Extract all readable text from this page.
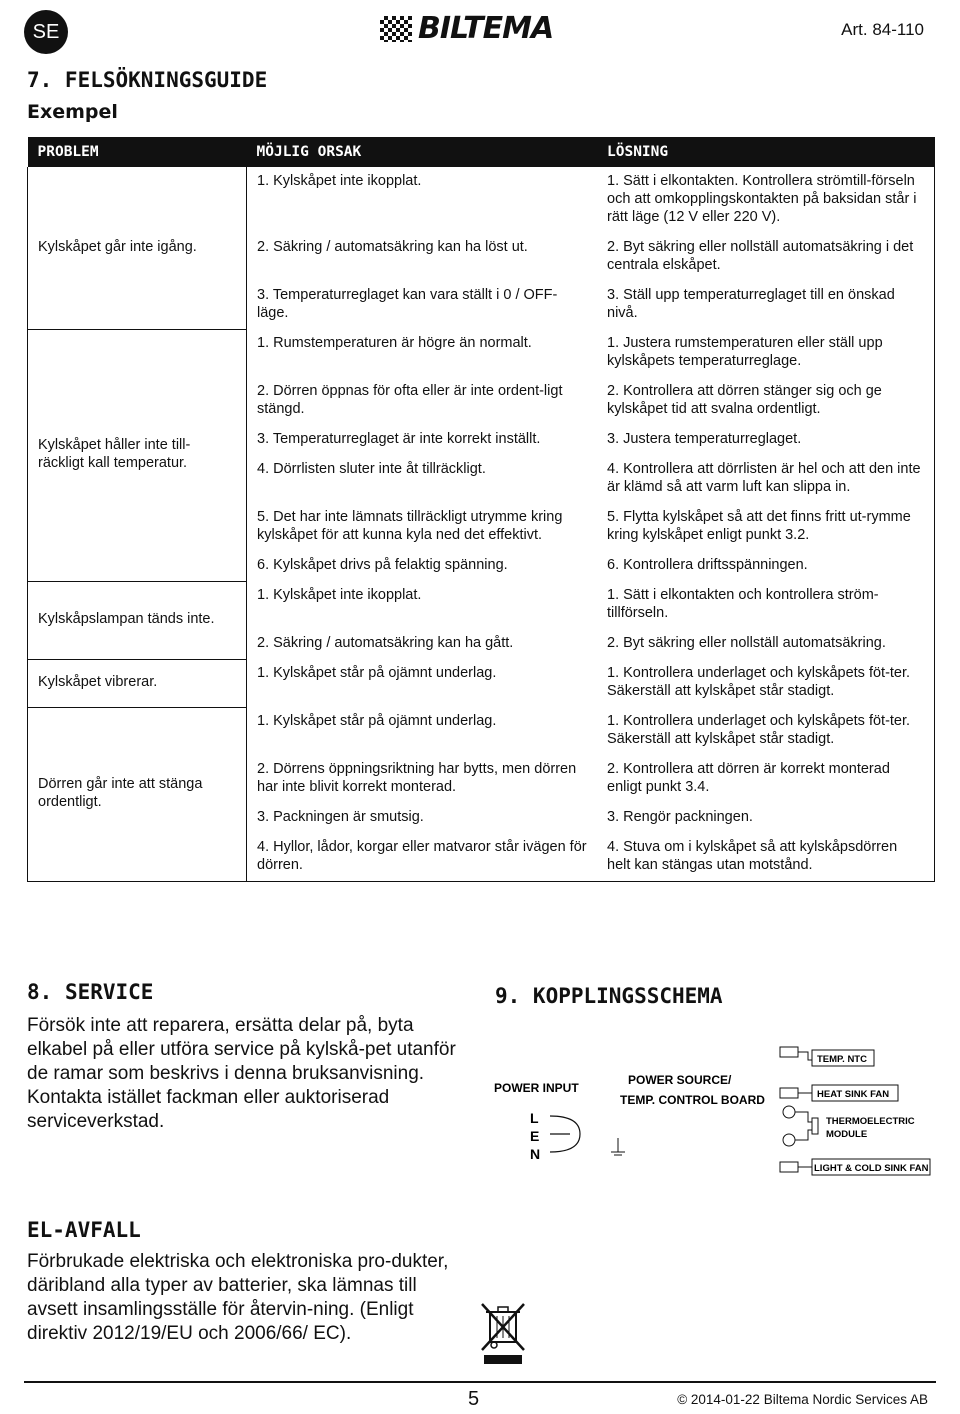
SE	BILTEMA	Art. 84-110
7. FELSÖKNINGSGUIDE
Exempel
PROBLEM	MÖJLIG ORSAK	LÖSNING
Kylskåpet går inte igång.	1. Kylskåpet inte ikopplat.	1. Sätt i elkontakten. Kontrollera strömtill-förseln och att omkopplingskontakten på baksidan står i rätt läge (12 V eller 220 V).
	2. Säkring / automatsäkring kan ha löst ut.	2. Byt säkring eller nollställ automatsäkring i det centrala elskåpet.
	3. Temperaturreglaget kan vara ställt i 0 / OFF-läge.	3. Ställ upp temperaturreglaget till en önskad nivå.
Kylskåpet håller inte till-räckligt kall temperatur.	1. Rumstemperaturen är högre än normalt.	1. Justera rumstemperaturen eller ställ upp kylskåpets temperaturreglage.
	2. Dörren öppnas för ofta eller är inte ordent-ligt stängd.	2. Kontrollera att dörren stänger sig och ge kylskåpet tid att svalna ordentligt.
	3. Temperaturreglaget är inte korrekt inställt.	3. Justera temperaturreglaget.
	4. Dörrlisten sluter inte åt tillräckligt.	4. Kontrollera att dörrlisten är hel och att den inte är klämd så att varm luft kan slippa in.
	5. Det har inte lämnats tillräckligt utrymme kring kylskåpet för att kunna kyla ned det effektivt.	5. Flytta kylskåpet så att det finns fritt ut-rymme kring kylskåpet enligt punkt 3.2.
	6. Kylskåpet drivs på felaktig spänning.	6. Kontrollera driftsspänningen.
Kylskåpslampan tänds inte.	1. Kylskåpet inte ikopplat.	1. Sätt i elkontakten och kontrollera ström-tillförseln.
	2. Säkring / automatsäkring kan ha gått.	2. Byt säkring eller nollställ automatsäkring.
Kylskåpet vibrerar.	1. Kylskåpet står på ojämnt underlag.	1. Kontrollera underlaget och kylskåpets föt-ter. Säkerställ att kylskåpet står stadigt.
Dörren går inte att stänga ordentligt.	1. Kylskåpet står på ojämnt underlag.	1. Kontrollera underlaget och kylskåpets föt-ter. Säkerställ att kylskåpet står stadigt.
	2. Dörrens öppningsriktning har bytts, men dörren har inte blivit korrekt monterad.	2. Kontrollera att dörren är korrekt monterad enligt punkt 3.4.
	3. Packningen är smutsig.	3. Rengör packningen.
	4. Hyllor, lådor, korgar eller matvaror står ivägen för dörren.	4. Stuva om i kylskåpet så att kylskåpsdörren helt kan stängas utan motstånd.
8. SERVICE
Försök inte att reparera, ersätta delar på, byta elkabel på eller utföra service på kylskå-pet utanför de ramar som beskrivs i denna bruksanvisning. Kontakta istället fackman eller auktoriserad serviceverkstad.
9. KOPPLINGSSCHEMA
POWER INPUT
L
E
N
POWER SOURCE/
TEMP. CONTROL BOARD
TEMP. NTC
HEAT SINK FAN
THERMOELECTRIC
MODULE
LIGHT & COLD SINK FAN
EL-AVFALL
Förbrukade elektriska och elektroniska pro-dukter, däribland alla typer av batterier, ska lämnas till avsett insamlingsställe för återvin-ning. (Enligt direktiv 2012/19/EU och 2006/66/ EC).
5	© 2014-01-22 Biltema Nordic Services AB
